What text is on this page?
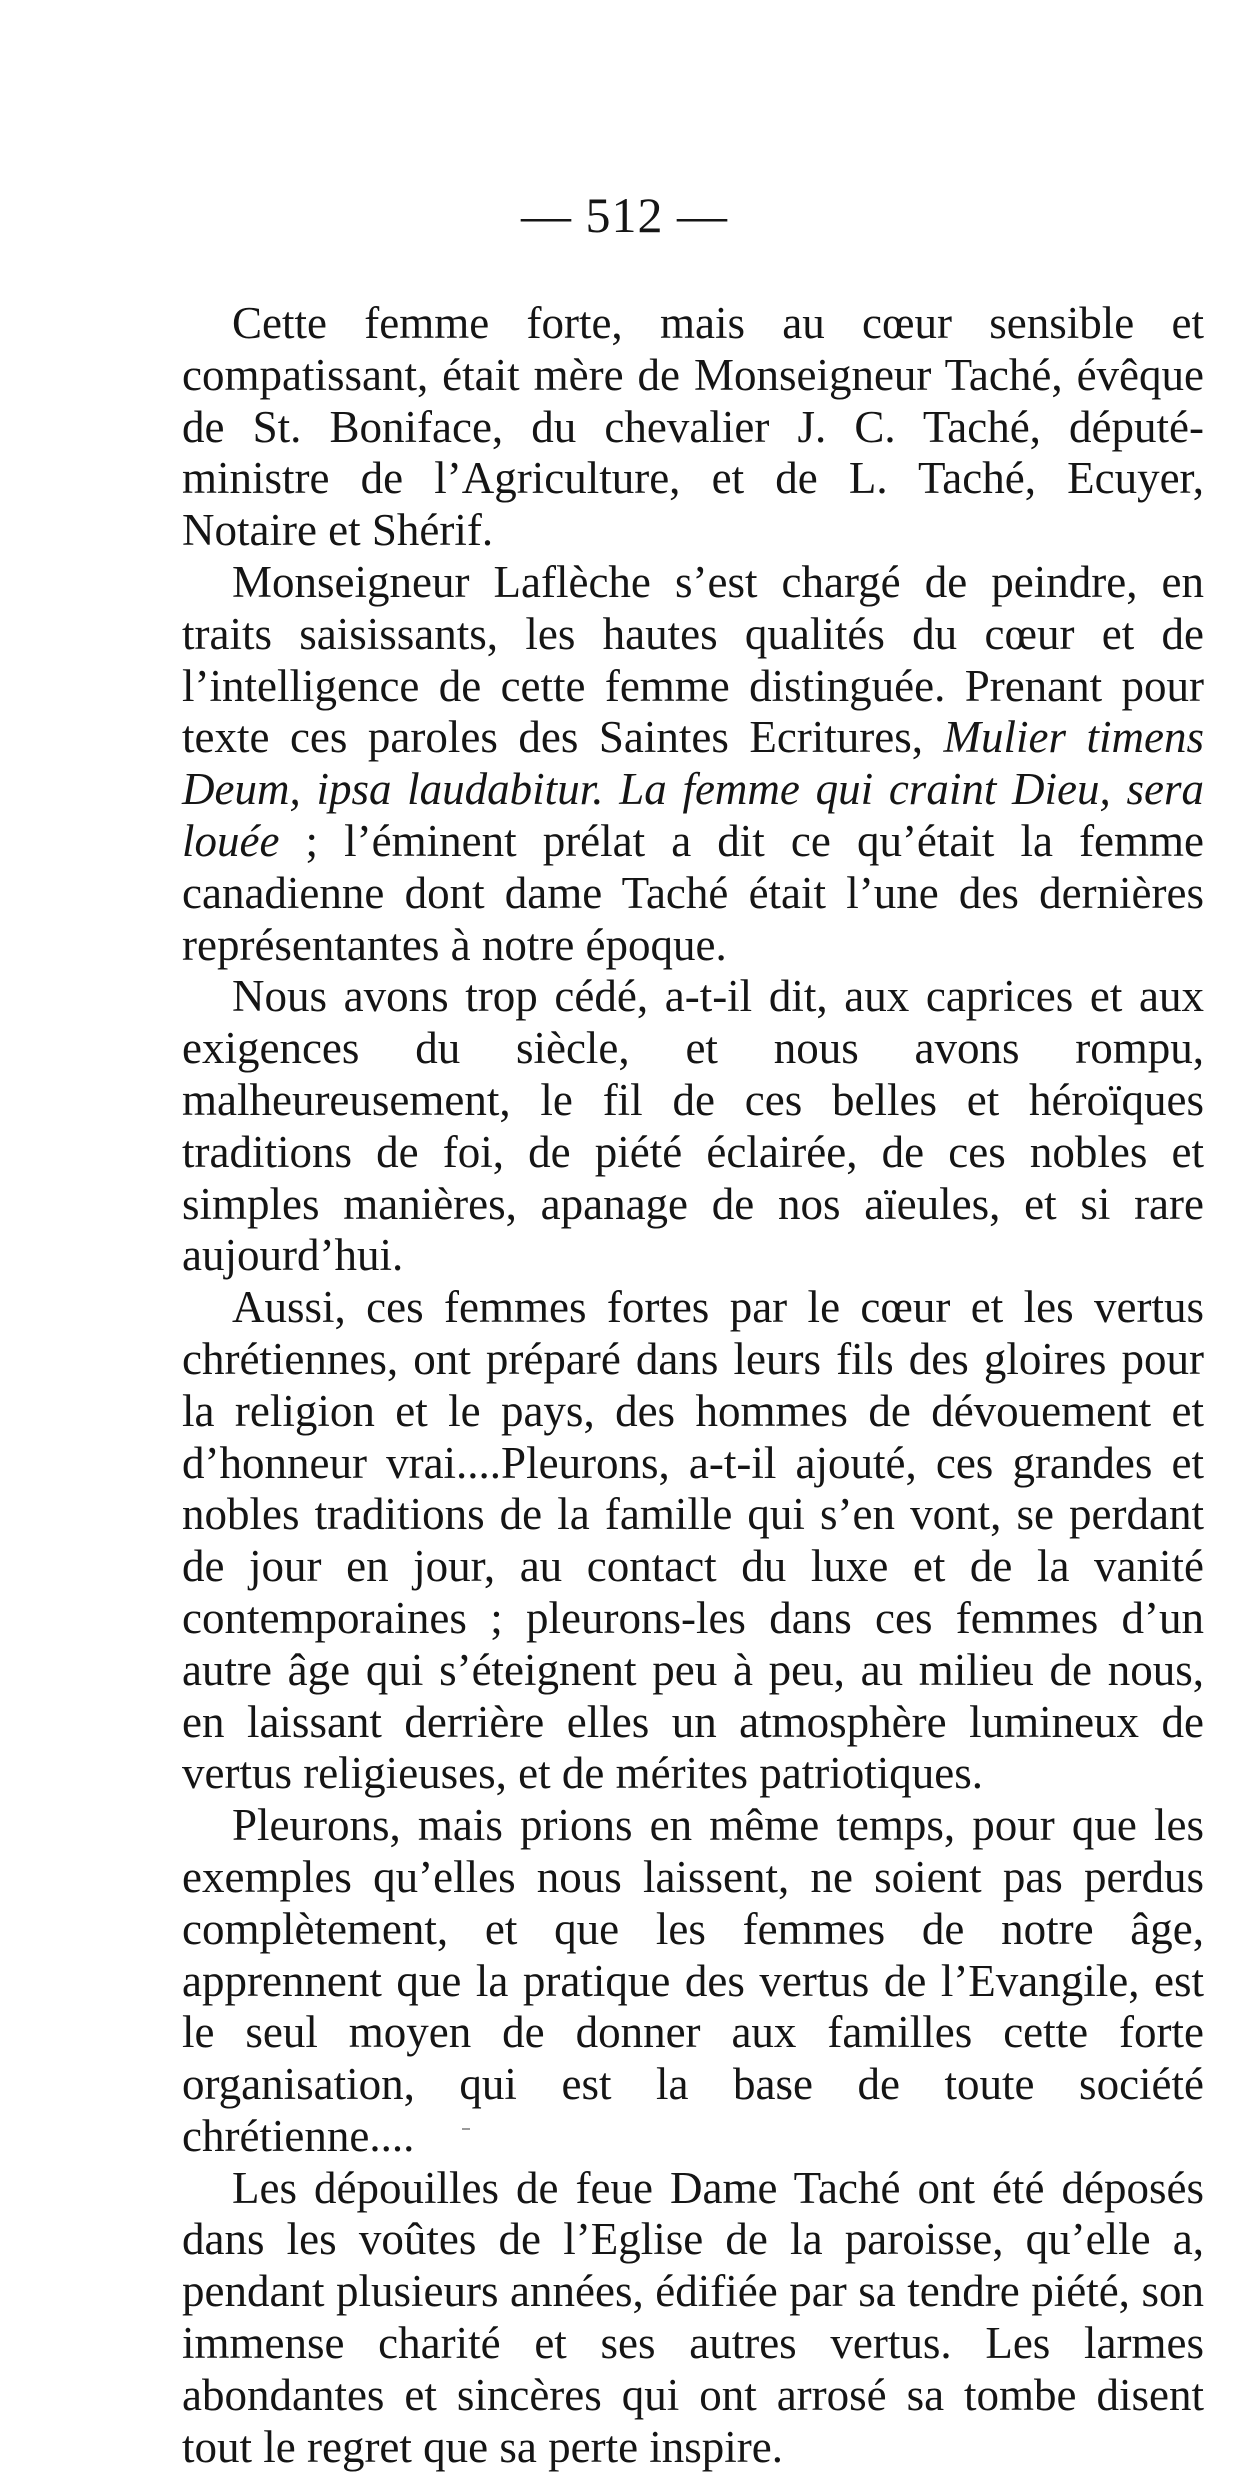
— 512 —

Cette femme forte, mais au cœur sensible et compatissant, était mère de Monseigneur Taché, évêque de St. Boniface, du chevalier J. C. Taché, député-ministre de l’Agriculture, et de L. Taché, Ecuyer, Notaire et Shérif.

Monseigneur Laflèche s’est chargé de peindre, en traits saisissants, les hautes qualités du cœur et de l’intelligence de cette femme distinguée. Prenant pour texte ces paroles des Saintes Ecritures, Mulier timens Deum, ipsa laudabitur. La femme qui craint Dieu, sera louée ; l’éminent prélat a dit ce qu’était la femme canadienne dont dame Taché était l’une des dernières représentantes à notre époque.

Nous avons trop cédé, a-t-il dit, aux caprices et aux exigences du siècle, et nous avons rompu, malheureusement, le fil de ces belles et héroïques traditions de foi, de piété éclairée, de ces nobles et simples manières, apanage de nos aïeules, et si rare aujourd’hui.

Aussi, ces femmes fortes par le cœur et les vertus chrétiennes, ont préparé dans leurs fils des gloires pour la religion et le pays, des hommes de dévouement et d’honneur vrai....Pleurons, a-t-il ajouté, ces grandes et nobles traditions de la famille qui s’en vont, se perdant de jour en jour, au contact du luxe et de la vanité contemporaines ; pleurons-les dans ces femmes d’un autre âge qui s’éteignent peu à peu, au milieu de nous, en laissant derrière elles un atmosphère lumineux de vertus religieuses, et de mérites patriotiques.

Pleurons, mais prions en même temps, pour que les exemples qu’elles nous laissent, ne soient pas perdus complètement, et que les femmes de notre âge, apprennent que la pratique des vertus de l’Evangile, est le seul moyen de donner aux familles cette forte organisation, qui est la base de toute société chrétienne....

Les dépouilles de feue Dame Taché ont été déposés dans les voûtes de l’Eglise de la paroisse, qu’elle a, pendant plusieurs années, édifiée par sa tendre piété, son immense charité et ses autres vertus. Les larmes abondantes et sincères qui ont arrosé sa tombe disent tout le regret que sa perte inspire.
